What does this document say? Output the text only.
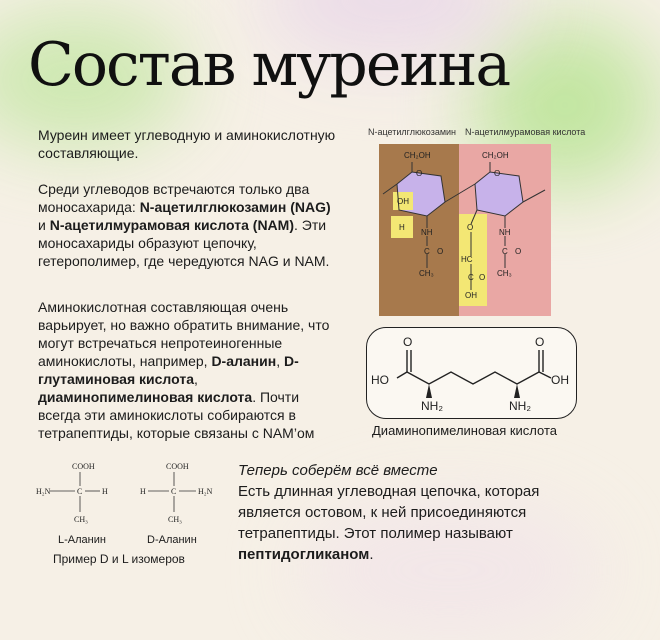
Состав муреина

Муреин имеет углеводную и аминокислотную составляющие.

Среди углеводов встречаются только два моносахарида: N-ацетилглюкозамин (NAG) и N-ацетилмурамовая кислота (NAM). Эти моносахариды образуют цепочку, гетерополимер, где чередуются NAG и NAM.

Аминокислотная составляющая очень варьирует, но важно обратить внимание, что могут встречаться непротеиногенные аминокислоты, например, D-аланин, D-глутаминовая кислота, диаминопимелиновая кислота. Почти всегда эти аминокислоты собираются в тетрапептиды, которые связаны с NAM’ом

N-ацетилглюкозамин N-ацетилмурамовая кислота
CH₂OH	CH₂OH
O	O
OH
H
NH	NH
C	C
O	O
CH₃	CH₃
O
HC
C O
OH
O	O
HO	OH
NH₂	NH₂
Диаминопимелиновая кислота
COOH	COOH
H₂N	H	H	H₂N
C	C
CH₃	CH₃
L-Аланин	D-Аланин
Пример D и L изомеров

Теперь соберём всё вместе
Есть длинная углеводная цепочка, которая является остовом, к ней присоединяются тетрапептиды. Этот полимер называют пептидогликаном.
